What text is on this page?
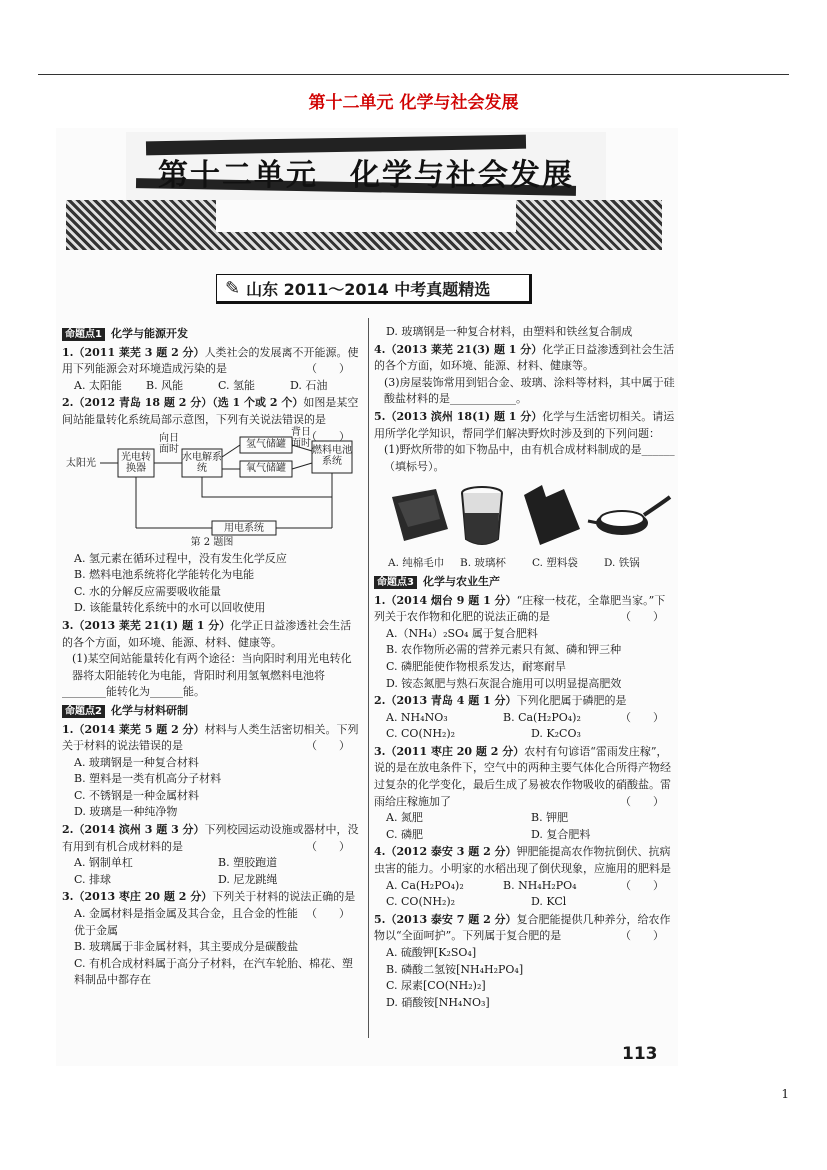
第十二单元 化学与社会发展
第十二单元　化学与社会发展
✎ 山东 2011～2014 中考真题精选
命题点1 化学与能源开发
1.（2011 莱芜 3 题 2 分）人类社会的发展离不开能源。使用下列能源会对环境造成污染的是	（　　）
A. 太阳能	B. 风能	C. 氢能	D. 石油
2.（2012 青岛 18 题 2 分）（选 1 个或 2 个）如图是某空间站能量转化系统局部示意图，下列有关说法错误的是
（　　）
太阳光
光电转换器
向日面时
水电解系统
氢气储罐
氧气储罐
背日面时
燃料电池系统
用电系统
第 2 题图
A. 氢元素在循环过程中，没有发生化学反应
B. 燃料电池系统将化学能转化为电能
C. 水的分解反应需要吸收能量
D. 该能量转化系统中的水可以回收使用
3.（2013 莱芜 21(1) 题 1 分）化学正日益渗透社会生活的各个方面，如环境、能源、材料、健康等。
(1)某空间站能量转化有两个途径：当向阳时利用光电转化器将太阳能转化为电能，背阳时利用氢氧燃料电池将
________能转化为______能。
命题点2 化学与材料研制
1.（2014 莱芜 5 题 2 分）材料与人类生活密切相关。下列关于材料的说法错误的是	（　　）
A. 玻璃钢是一种复合材料
B. 塑料是一类有机高分子材料
C. 不锈钢是一种金属材料
D. 玻璃是一种纯净物
2.（2014 滨州 3 题 3 分）下列校园运动设施或器材中，没有用到有机合成材料的是	（　　）
A. 钢制单杠	B. 塑胶跑道
C. 排球	D. 尼龙跳绳
3.（2013 枣庄 20 题 2 分）下列关于材料的说法正确的是
（　　）
A. 金属材料是指金属及其合金，且合金的性能优于金属
B. 玻璃属于非金属材料，其主要成分是碳酸盐
C. 有机合成材料属于高分子材料，在汽车轮胎、棉花、塑料制品中都存在
D. 玻璃钢是一种复合材料，由塑料和铁丝复合制成
4.（2013 莱芜 21(3) 题 1 分）化学正日益渗透到社会生活的各个方面，如环境、能源、材料、健康等。
(3)房屋装饰常用到铝合金、玻璃、涂料等材料，其中属于硅酸盐材料的是____________。
5.（2013 滨州 18(1) 题 1 分）化学与生活密切相关。请运用所学化学知识，帮同学们解决野炊时涉及到的下列问题：
(1)野炊所带的如下物品中，由有机合成材料制成的是______（填标号）。
A. 纯棉毛巾	B. 玻璃杯	C. 塑料袋	D. 铁锅
命题点3 化学与农业生产
1.（2014 烟台 9 题 1 分）“庄稼一枝花，全靠肥当家。”下列关于农作物和化肥的说法正确的是	（　　）
A.（NH₄）₂SO₄ 属于复合肥料
B. 农作物所必需的营养元素只有氮、磷和钾三种
C. 磷肥能使作物根系发达，耐寒耐旱
D. 铵态氮肥与熟石灰混合施用可以明显提高肥效
2.（2013 青岛 4 题 1 分）下列化肥属于磷肥的是
（　　）
A. NH₄NO₃	B. Ca(H₂PO₄)₂
C. CO(NH₂)₂	D. K₂CO₃
3.（2011 枣庄 20 题 2 分）农村有句谚语“雷雨发庄稼”，说的是在放电条件下，空气中的两种主要气体化合所得产物经过复杂的化学变化，最后生成了易被农作物吸收的硝酸盐。雷雨给庄稼施加了	（　　）
A. 氮肥	B. 钾肥
C. 磷肥	D. 复合肥料
4.（2012 泰安 3 题 2 分）钾肥能提高农作物抗倒伏、抗病虫害的能力。小明家的水稻出现了倒伏现象，应施用的肥料是
（　　）
A. Ca(H₂PO₄)₂	B. NH₄H₂PO₄
C. CO(NH₂)₂	D. KCl
5.（2013 泰安 7 题 2 分）复合肥能提供几种养分，给农作物以“全面呵护”。下列属于复合肥的是	（　　）
A. 硫酸钾[K₂SO₄]
B. 磷酸二氢铵[NH₄H₂PO₄]
C. 尿素[CO(NH₂)₂]
D. 硝酸铵[NH₄NO₃]
113
1
